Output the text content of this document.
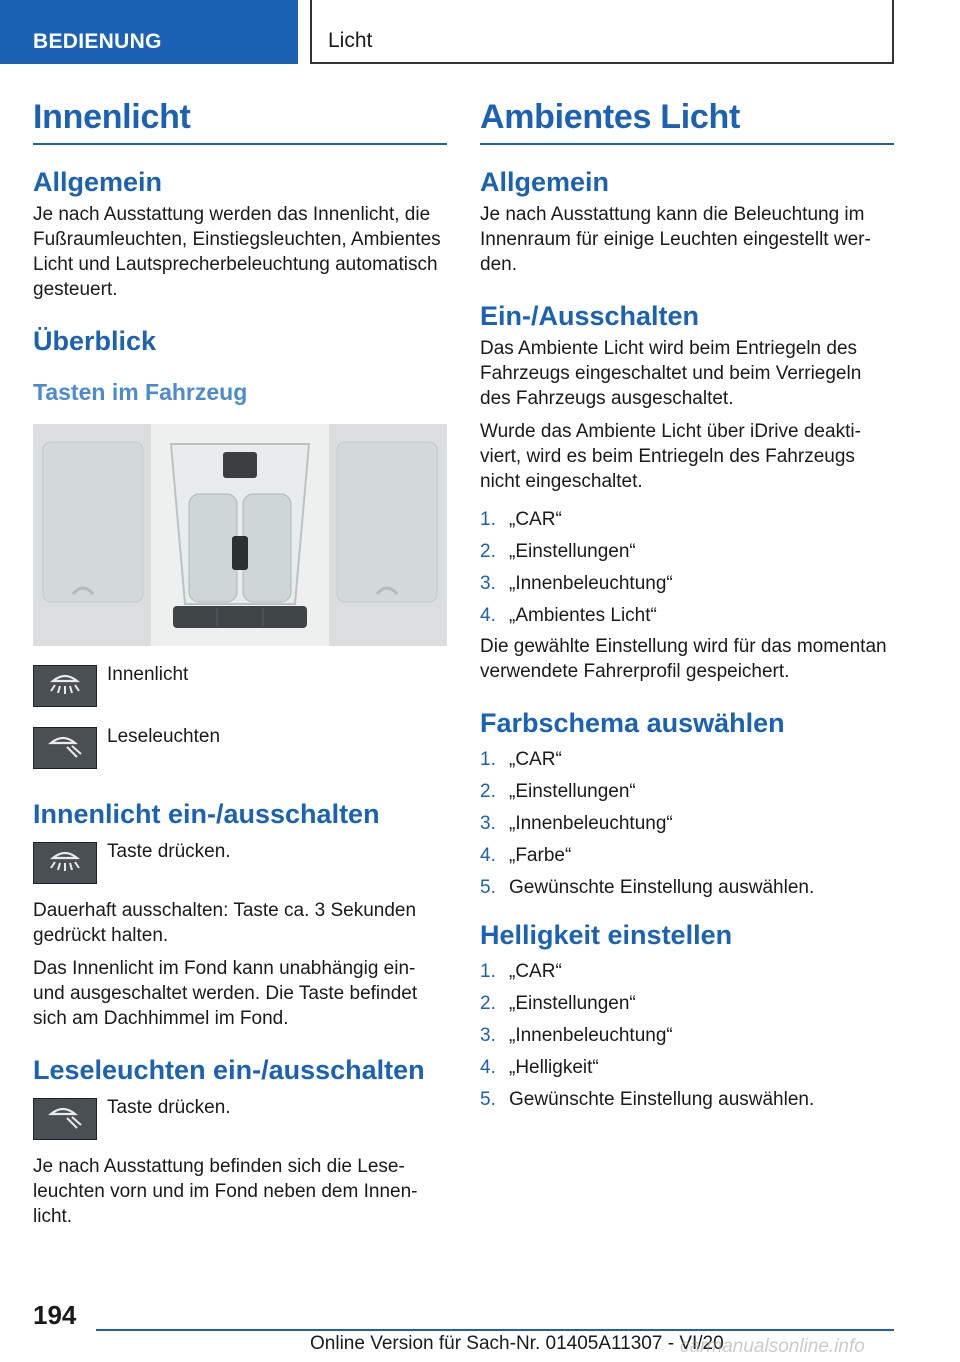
BEDIENUNG	Licht
Innenlicht
Allgemein

Je nach Ausstattung werden das Innenlicht, die Fußraumleuchten, Einstiegsleuchten, Ambientes Licht und Lautsprecherbeleuchtung automatisch gesteuert.

Überblick
Tasten im Fahrzeug
Innenlicht
Leseleuchten
Innenlicht ein-/ausschalten
Taste drücken.

Dauerhaft ausschalten: Taste ca. 3 Sekunden gedrückt halten.

Das Innenlicht im Fond kann unabhängig ein- und ausgeschaltet werden. Die Taste befindet sich am Dachhimmel im Fond.

Leseleuchten ein-/ausschalten
Taste drücken.

Je nach Ausstattung befinden sich die Lese- leuchten vorn und im Fond neben dem Innen- licht.

Ambientes Licht
Allgemein

Je nach Ausstattung kann die Beleuchtung im Innenraum für einige Leuchten eingestellt wer- den.

Ein-/Ausschalten

Das Ambiente Licht wird beim Entriegeln des Fahrzeugs eingeschaltet und beim Verriegeln des Fahrzeugs ausgeschaltet.

Wurde das Ambiente Licht über iDrive deakti- viert, wird es beim Entriegeln des Fahrzeugs nicht eingeschaltet.

1. „CAR“
2. „Einstellungen“
3. „Innenbeleuchtung“
4. „Ambientes Licht“

Die gewählte Einstellung wird für das momentan verwendete Fahrerprofil gespeichert.

Farbschema auswählen
1. „CAR“
2. „Einstellungen“
3. „Innenbeleuchtung“
4. „Farbe“
5. Gewünschte Einstellung auswählen.
Helligkeit einstellen
1. „CAR“
2. „Einstellungen“
3. „Innenbeleuchtung“
4. „Helligkeit“
5. Gewünschte Einstellung auswählen.
194
Online Version für Sach-Nr. 01405A11307 - VI/20
carmanualsonline.info
